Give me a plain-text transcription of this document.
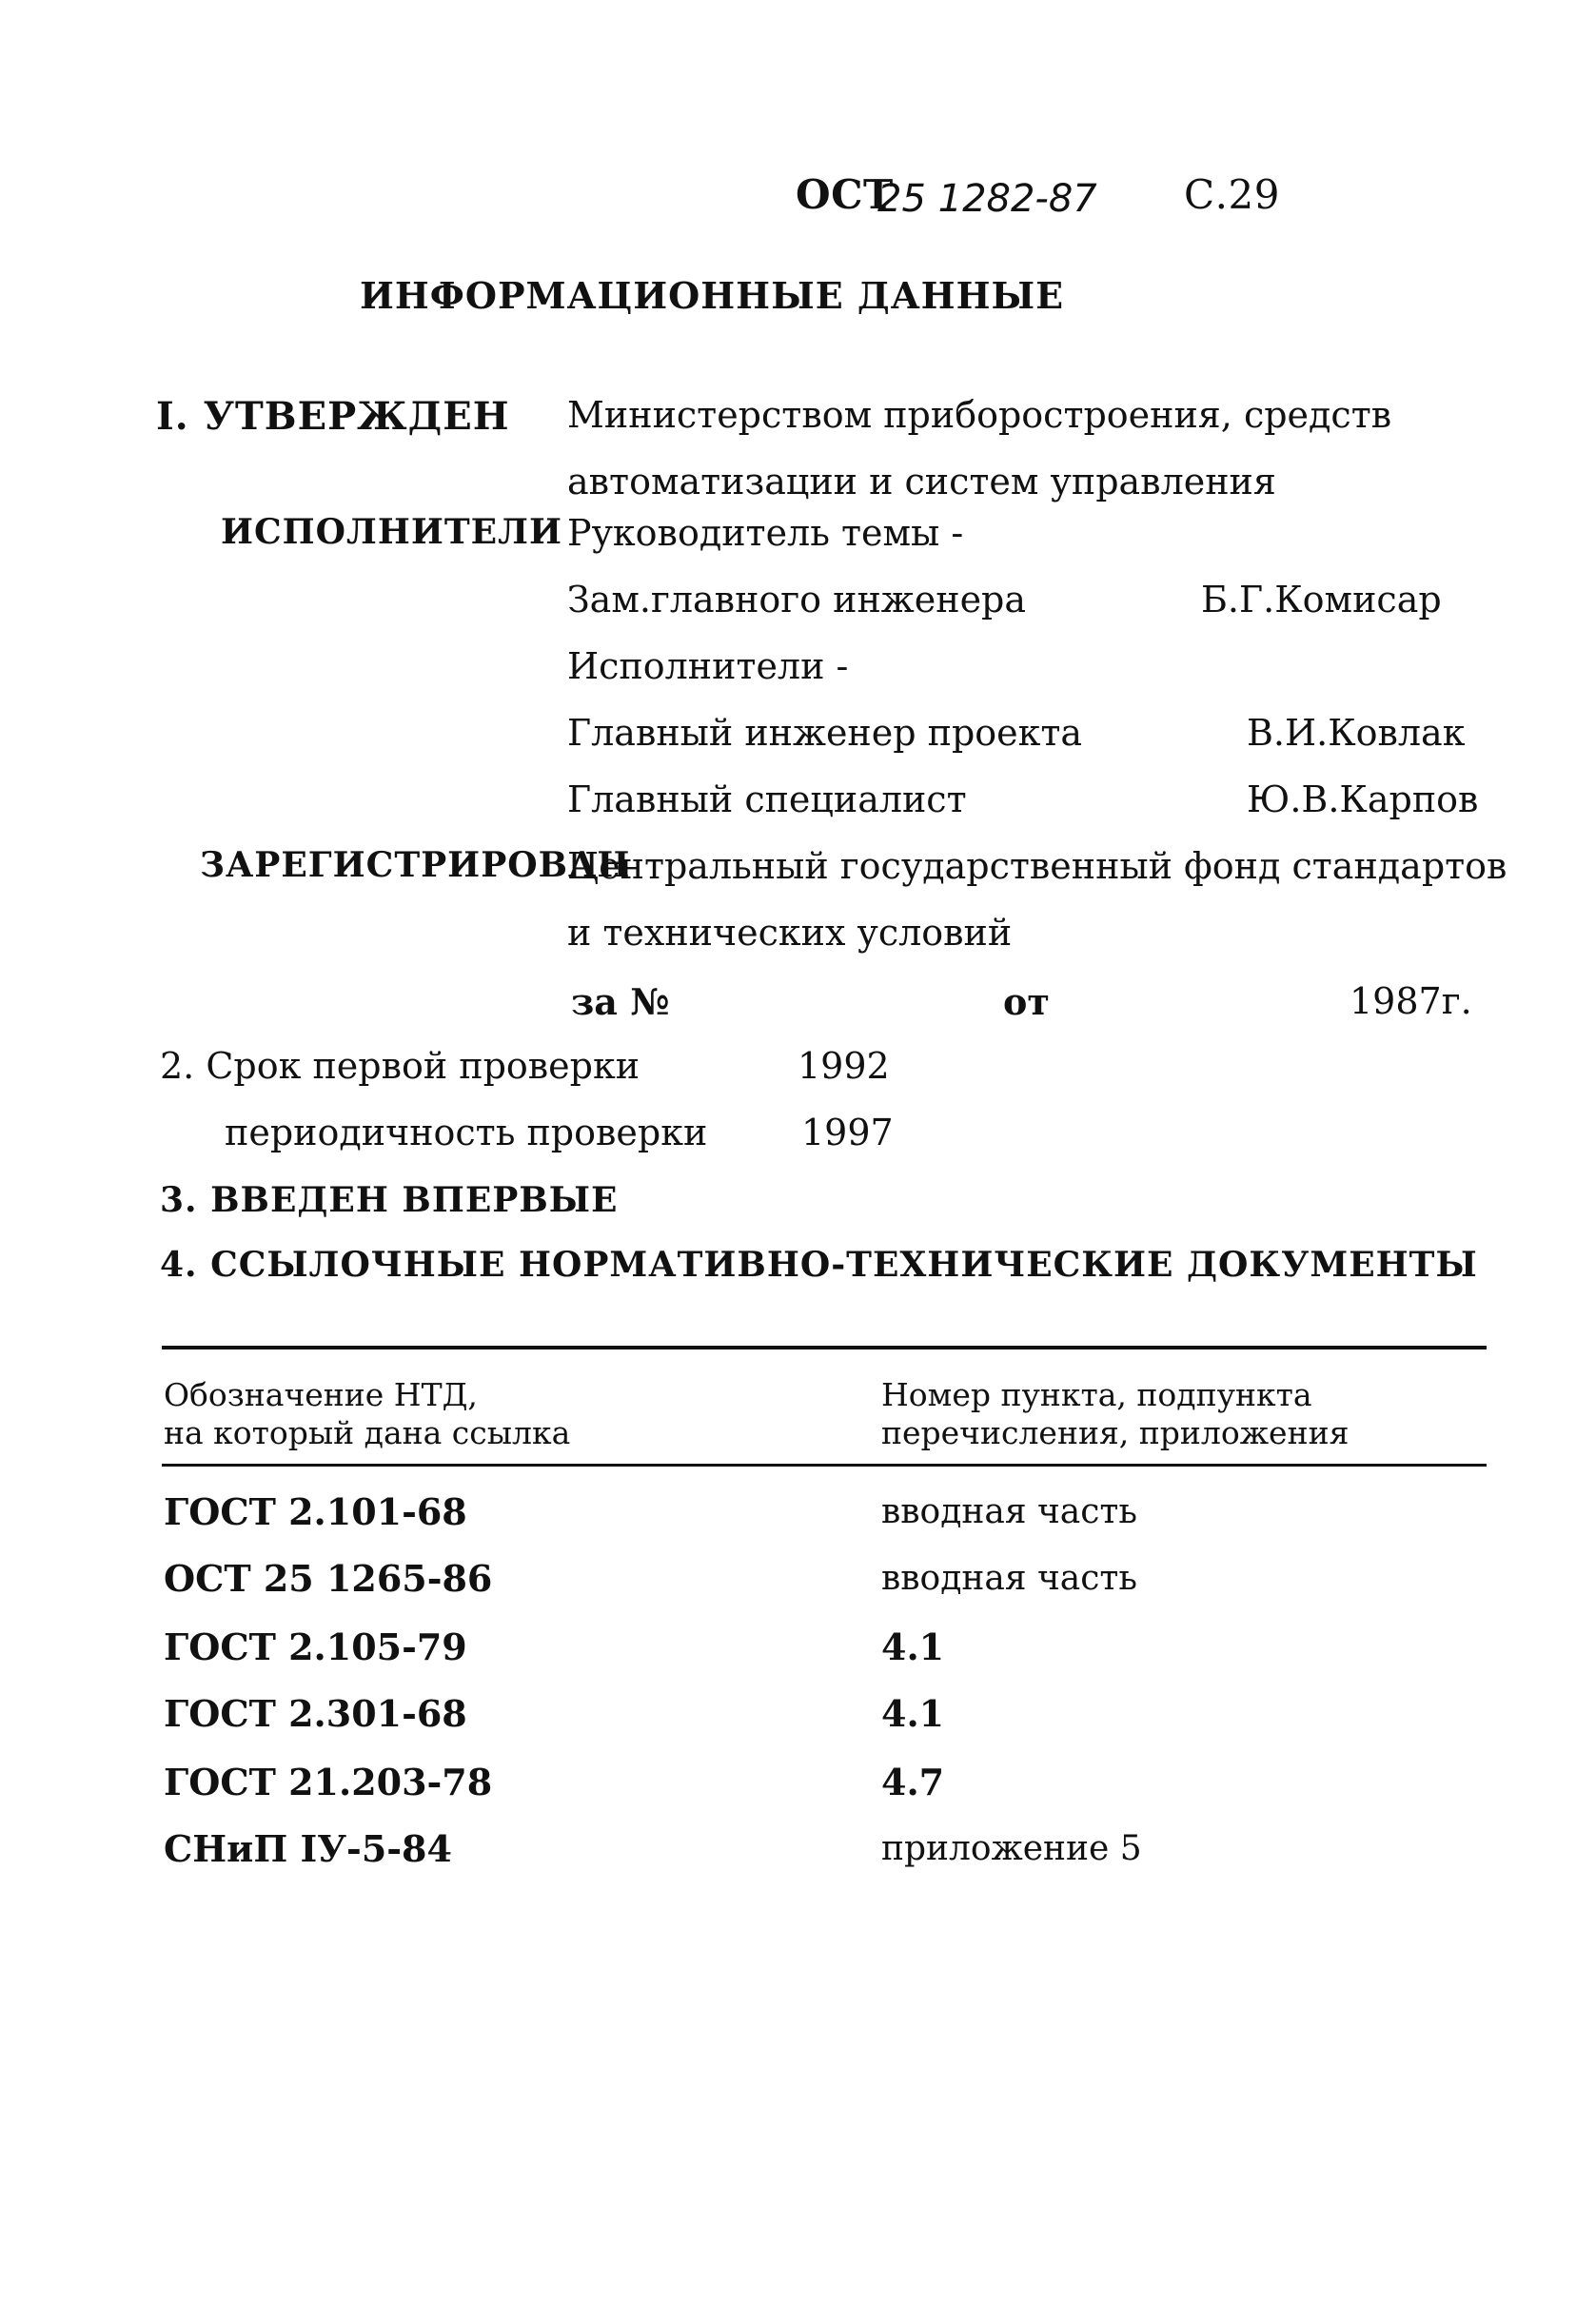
ОСТ
25 1282-87 С.29
ИНФОРМАЦИОННЫЕ ДАННЫЕ
I. УТВЕРЖДЕН Министерством приборостроения, средств
автоматизации и систем управления
ИСПОЛНИТЕЛИ Руководитель темы -
Зам.главного инженера	Б.Г.Комисар
Исполнители -
Главный инженер проекта	В.И.Ковлак
Главный специалист	Ю.В.Карпов
ЗАРЕГИСТРИРОВАН
Центральный государственный фонд стандартов
и технических условий
за №	от	1987г.
2. Срок первой проверки	1992
периодичность проверки	1997
3. ВВЕДЕН ВПЕРВЫЕ
4. ССЫЛОЧНЫЕ НОРМАТИВНО-ТЕХНИЧЕСКИЕ ДОКУМЕНТЫ
Обозначение НТД,
на который дана ссылка
Номер пункта, подпункта
перечисления, приложения
ГОСТ 2.101-68	вводная часть
ОСТ 25 1265-86	вводная часть
ГОСТ 2.105-79	4.1
ГОСТ 2.301-68	4.1
ГОСТ 21.203-78	4.7
СНиП IУ-5-84	приложение 5
